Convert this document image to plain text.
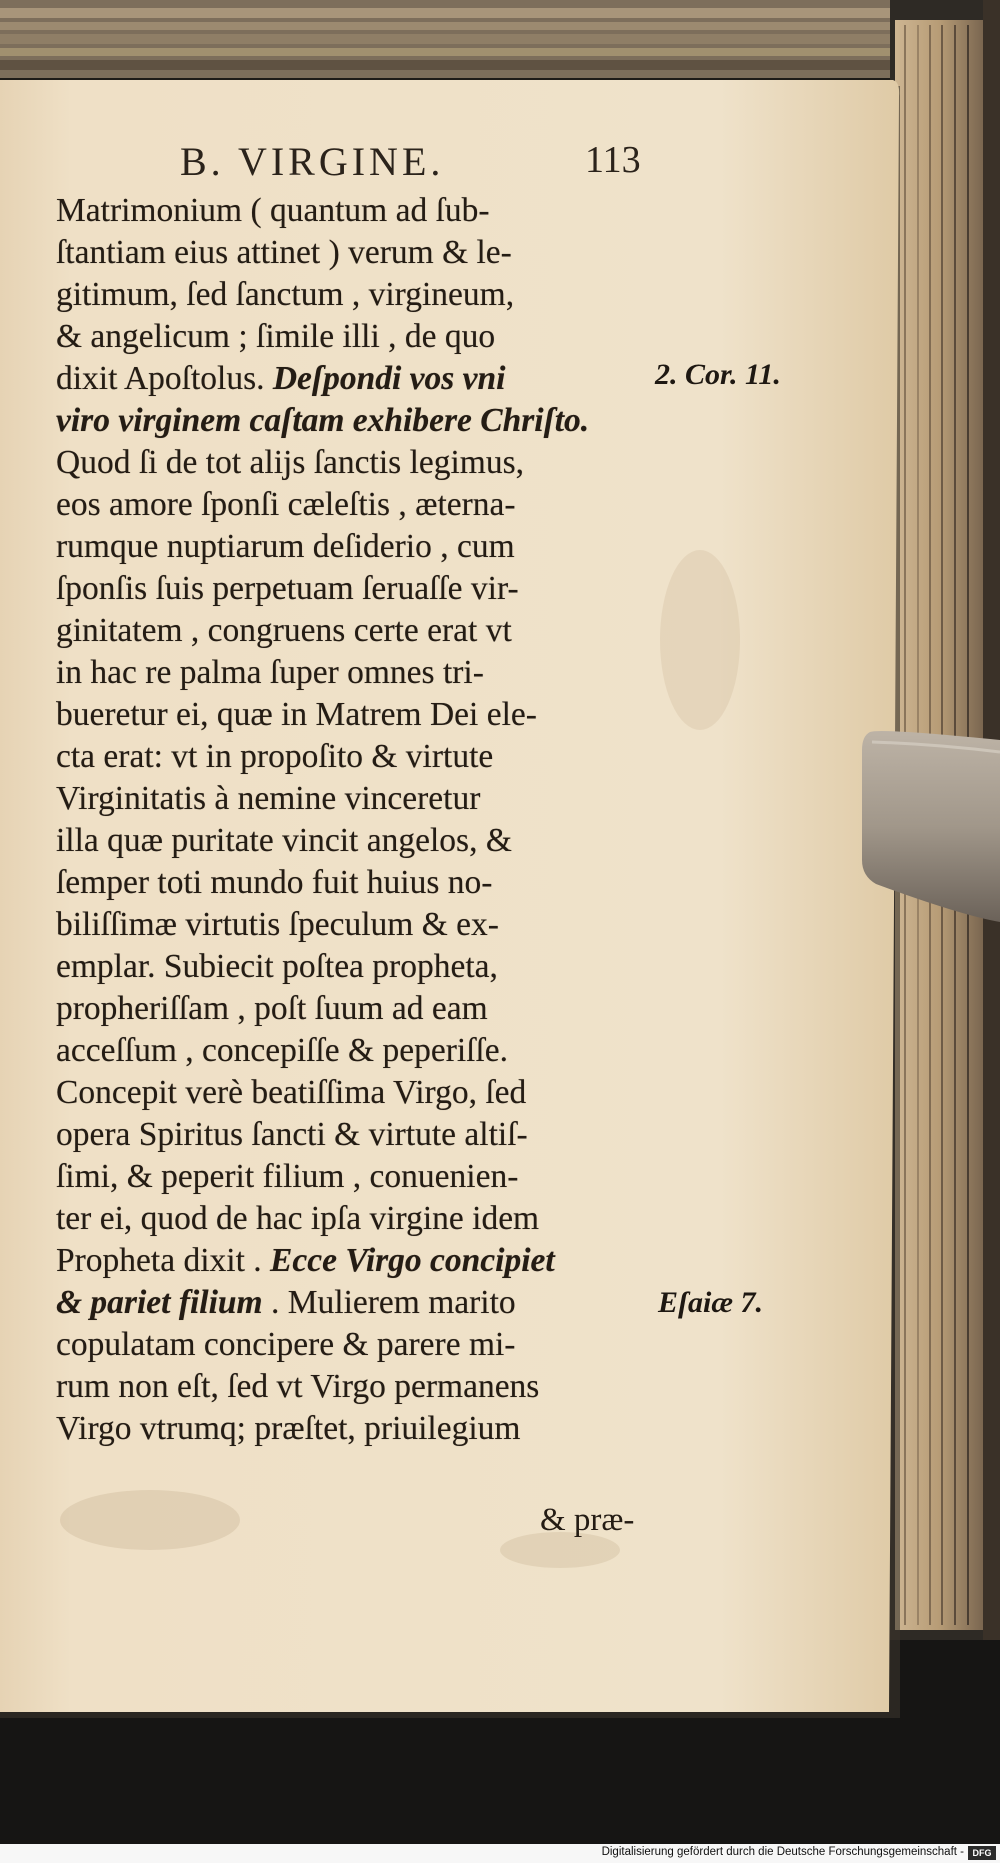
B. VIRGINE.	113
Matrimonium ( quantum ad ſub-
ſtantiam eius attinet ) verum & le-
gitimum, ſed ſanctum , virgineum,
& angelicum ; ſimile illi , de quo
dixit Apoſtolus. Deſpondi vos vni
viro virginem caſtam exhibere Chriſto.
Quod ſi de tot alijs ſanctis legimus,
eos amore ſponſi cæleſtis , æterna-
rumque nuptiarum deſiderio , cum
ſponſis ſuis perpetuam ſeruaſſe vir-
ginitatem , congruens certe erat vt
in hac re palma ſuper omnes tri-
bueretur ei, quæ in Matrem Dei ele-
cta erat: vt in propoſito & virtute
Virginitatis à nemine vinceretur
illa quæ puritate vincit angelos, &
ſemper toti mundo fuit huius no-
biliſſimæ virtutis ſpeculum & ex-
emplar. Subiecit poſtea propheta,
propheriſſam , poſt ſuum ad eam
acceſſum , concepiſſe & peperiſſe.
Concepit verè beatiſſima Virgo, ſed
opera Spiritus ſancti & virtute altiſ-
ſimi, & peperit filium , conuenien-
ter ei, quod de hac ipſa virgine idem
Propheta dixit . Ecce Virgo concipiet
& pariet filium . Mulierem marito
copulatam concipere & parere mi-
rum non eſt, ſed vt Virgo permanens
Virgo vtrumq; præſtet, priuilegium
& præ-
2. Cor. 11.
Eſaiæ 7.
Digitalisierung gefördert durch die Deutsche Forschungsgemeinschaft - DFG
